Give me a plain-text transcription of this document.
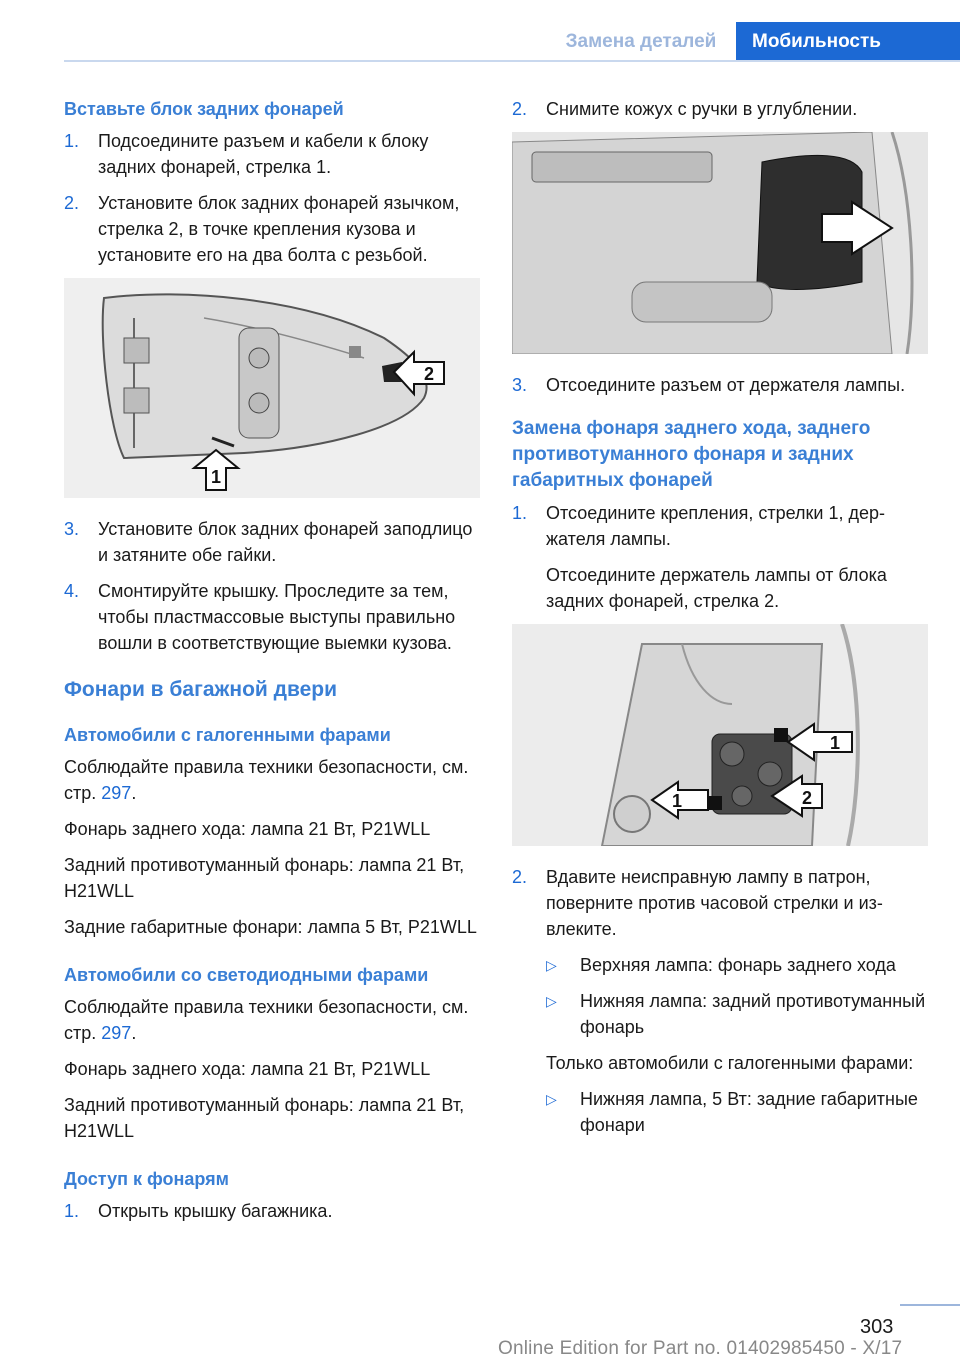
Замена деталей	Мобильность
Вставьте блок задних фонарей
1.	Подсоедините разъем и кабели к блоку задних фонарей, стрелка 1.
2.	Установите блок задних фонарей язычком, стрелка 2, в точке крепления кузова и установите его на два болта с резьбой.
2
1
3.	Установите блок задних фонарей заподлицо и затяните обе гайки.
4.	Смонтируйте крышку. Проследите за тем, чтобы пластмассовые выступы правильно вошли в соответствующие выемки кузова.
Фонари в багажной двери
Автомобили с галогенными фарами
Соблюдайте правила техники безопасности, см. стр. 297.
Фонарь заднего хода: лампа 21 Вт, P21WLL
Задний противотуманный фонарь: лампа 21 Вт, H21WLL
Задние габаритные фонари: лампа 5 Вт, P21WLL
Автомобили со светодиодными фарами
Соблюдайте правила техники безопасности, см. стр. 297.
Фонарь заднего хода: лампа 21 Вт, P21WLL
Задний противотуманный фонарь: лампа 21 Вт, H21WLL
Доступ к фонарям
1.	Открыть крышку багажника.
2.	Снимите кожух с ручки в углублении.
3.	Отсоедините разъем от держателя лампы.
Замена фонаря заднего хода, заднего противотуманного фонаря и задних габаритных фонарей
1.	Отсоедините крепления, стрелки 1, держателя лампы.
Отсоедините держатель лампы от блока задних фонарей, стрелка 2.
1
1	2
2.	Вдавите неисправную лампу в патрон, поверните против часовой стрелки и извлеките.
▷	Верхняя лампа: фонарь заднего хода
▷	Нижняя лампа: задний противотуманный фонарь
Только автомобили с галогенными фарами:
▷	Нижняя лампа, 5 Вт: задние габаритные фонари
303
Online Edition for Part no. 01402985450 - X/17
